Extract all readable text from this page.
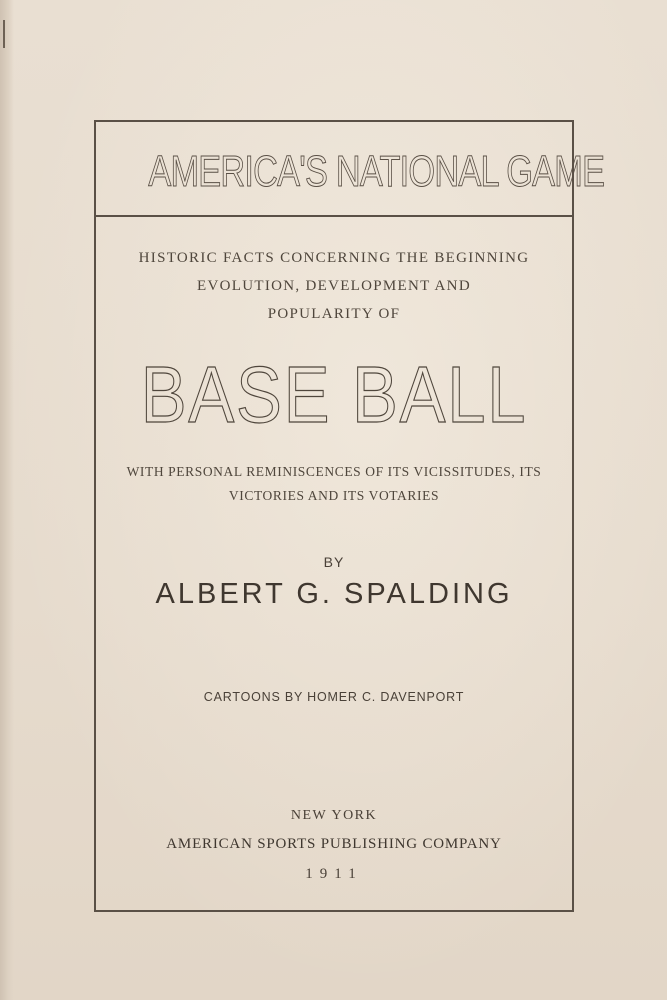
AMERICA'S NATIONAL GAME
HISTORIC FACTS CONCERNING THE BEGINNING
EVOLUTION, DEVELOPMENT AND
POPULARITY OF
BASE BALL
WITH PERSONAL REMINISCENCES OF ITS VICISSITUDES, ITS
VICTORIES AND ITS VOTARIES
BY
ALBERT G. SPALDING
CARTOONS BY HOMER C. DAVENPORT
NEW YORK
AMERICAN SPORTS PUBLISHING COMPANY
1911
